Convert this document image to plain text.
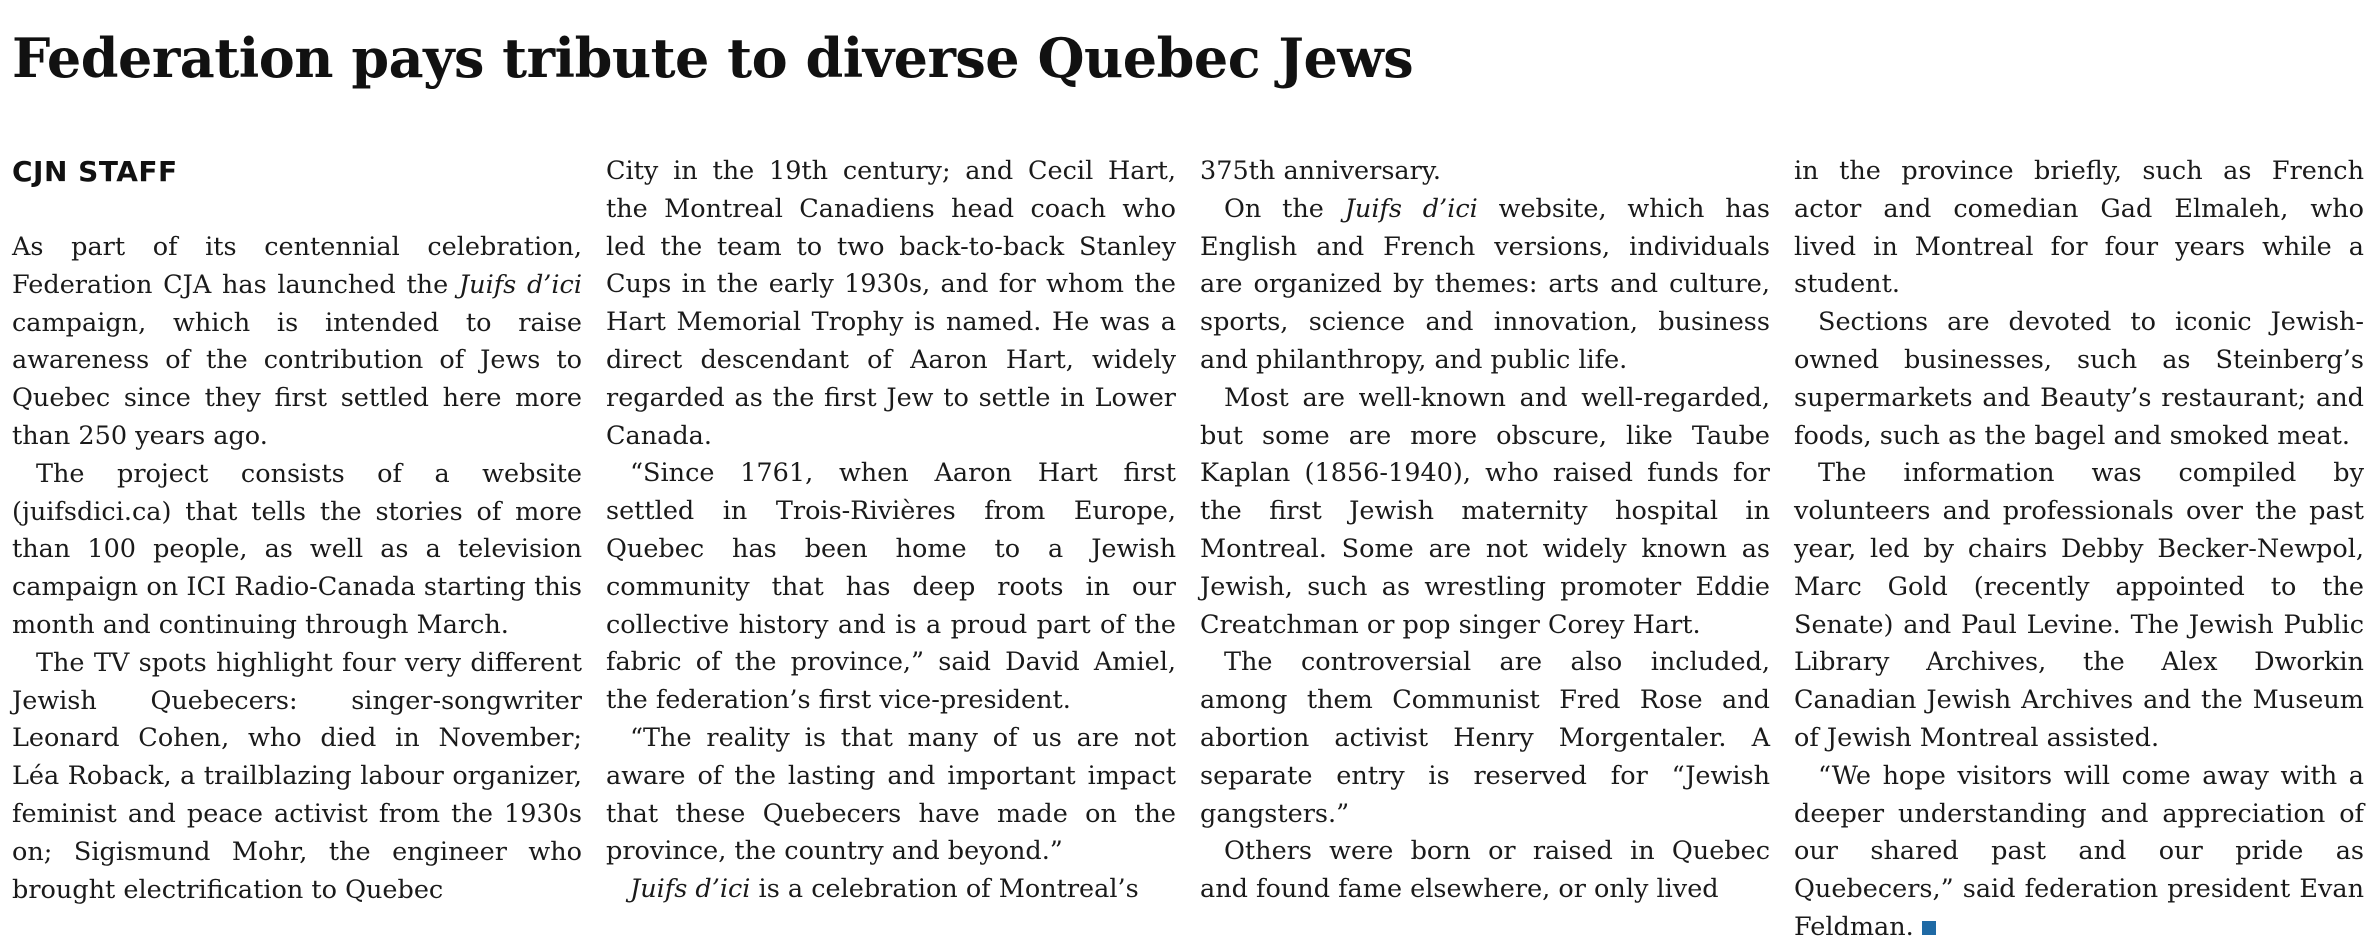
Federation pays tribute to diverse Quebec Jews
CJN STAFF

As part of its centennial celebration, Federation CJA has launched the Juifs d’ici campaign, which is intended to raise awareness of the contribution of Jews to Quebec since they first settled here more than 250 years ago.

The project consists of a website (juifsdici.ca) that tells the stories of more than 100 people, as well as a television campaign on ICI Radio-Canada starting this month and continuing through March.

The TV spots highlight four very different Jewish Quebecers: singer-songwriter Leonard Cohen, who died in November; Léa Roback, a trailblazing labour organizer, feminist and peace activist from the 1930s on; Sigismund Mohr, the engineer who brought electrification to Quebec

City in the 19th century; and Cecil Hart, the Montreal Canadiens head coach who led the team to two back-to-back Stanley Cups in the early 1930s, and for whom the Hart Memorial Trophy is named. He was a direct descendant of Aaron Hart, widely regarded as the first Jew to settle in Lower Canada.

“Since 1761, when Aaron Hart first settled in Trois-Rivières from Europe, Quebec has been home to a Jewish community that has deep roots in our collective history and is a proud part of the fabric of the province,” said David Amiel, the federation’s first vice-president.

“The reality is that many of us are not aware of the lasting and important impact that these Quebecers have made on the province, the country and beyond.”

Juifs d’ici is a celebration of Montreal’s

375th anniversary.

On the Juifs d’ici website, which has English and French versions, individuals are organized by themes: arts and culture, sports, science and innovation, business and philanthropy, and public life.

Most are well-known and well-regarded, but some are more obscure, like Taube Kaplan (1856-1940), who raised funds for the first Jewish maternity hospital in Montreal. Some are not widely known as Jewish, such as wrestling promoter Eddie Creatchman or pop singer Corey Hart.

The controversial are also included, among them Communist Fred Rose and abortion activist Henry Morgentaler. A separate entry is reserved for “Jewish gangsters.”

Others were born or raised in Quebec and found fame elsewhere, or only lived

in the province briefly, such as French actor and comedian Gad Elmaleh, who lived in Montreal for four years while a student.

Sections are devoted to iconic Jewish-owned businesses, such as Steinberg’s supermarkets and Beauty’s restaurant; and foods, such as the bagel and smoked meat.

The information was compiled by volunteers and professionals over the past year, led by chairs Debby Becker-Newpol, Marc Gold (recently appointed to the Senate) and Paul Levine. The Jewish Public Library Archives, the Alex Dworkin Canadian Jewish Archives and the Museum of Jewish Montreal assisted.

“We hope visitors will come away with a deeper understanding and appreciation of our shared past and our pride as Quebecers,” said federation president Evan Feldman.
